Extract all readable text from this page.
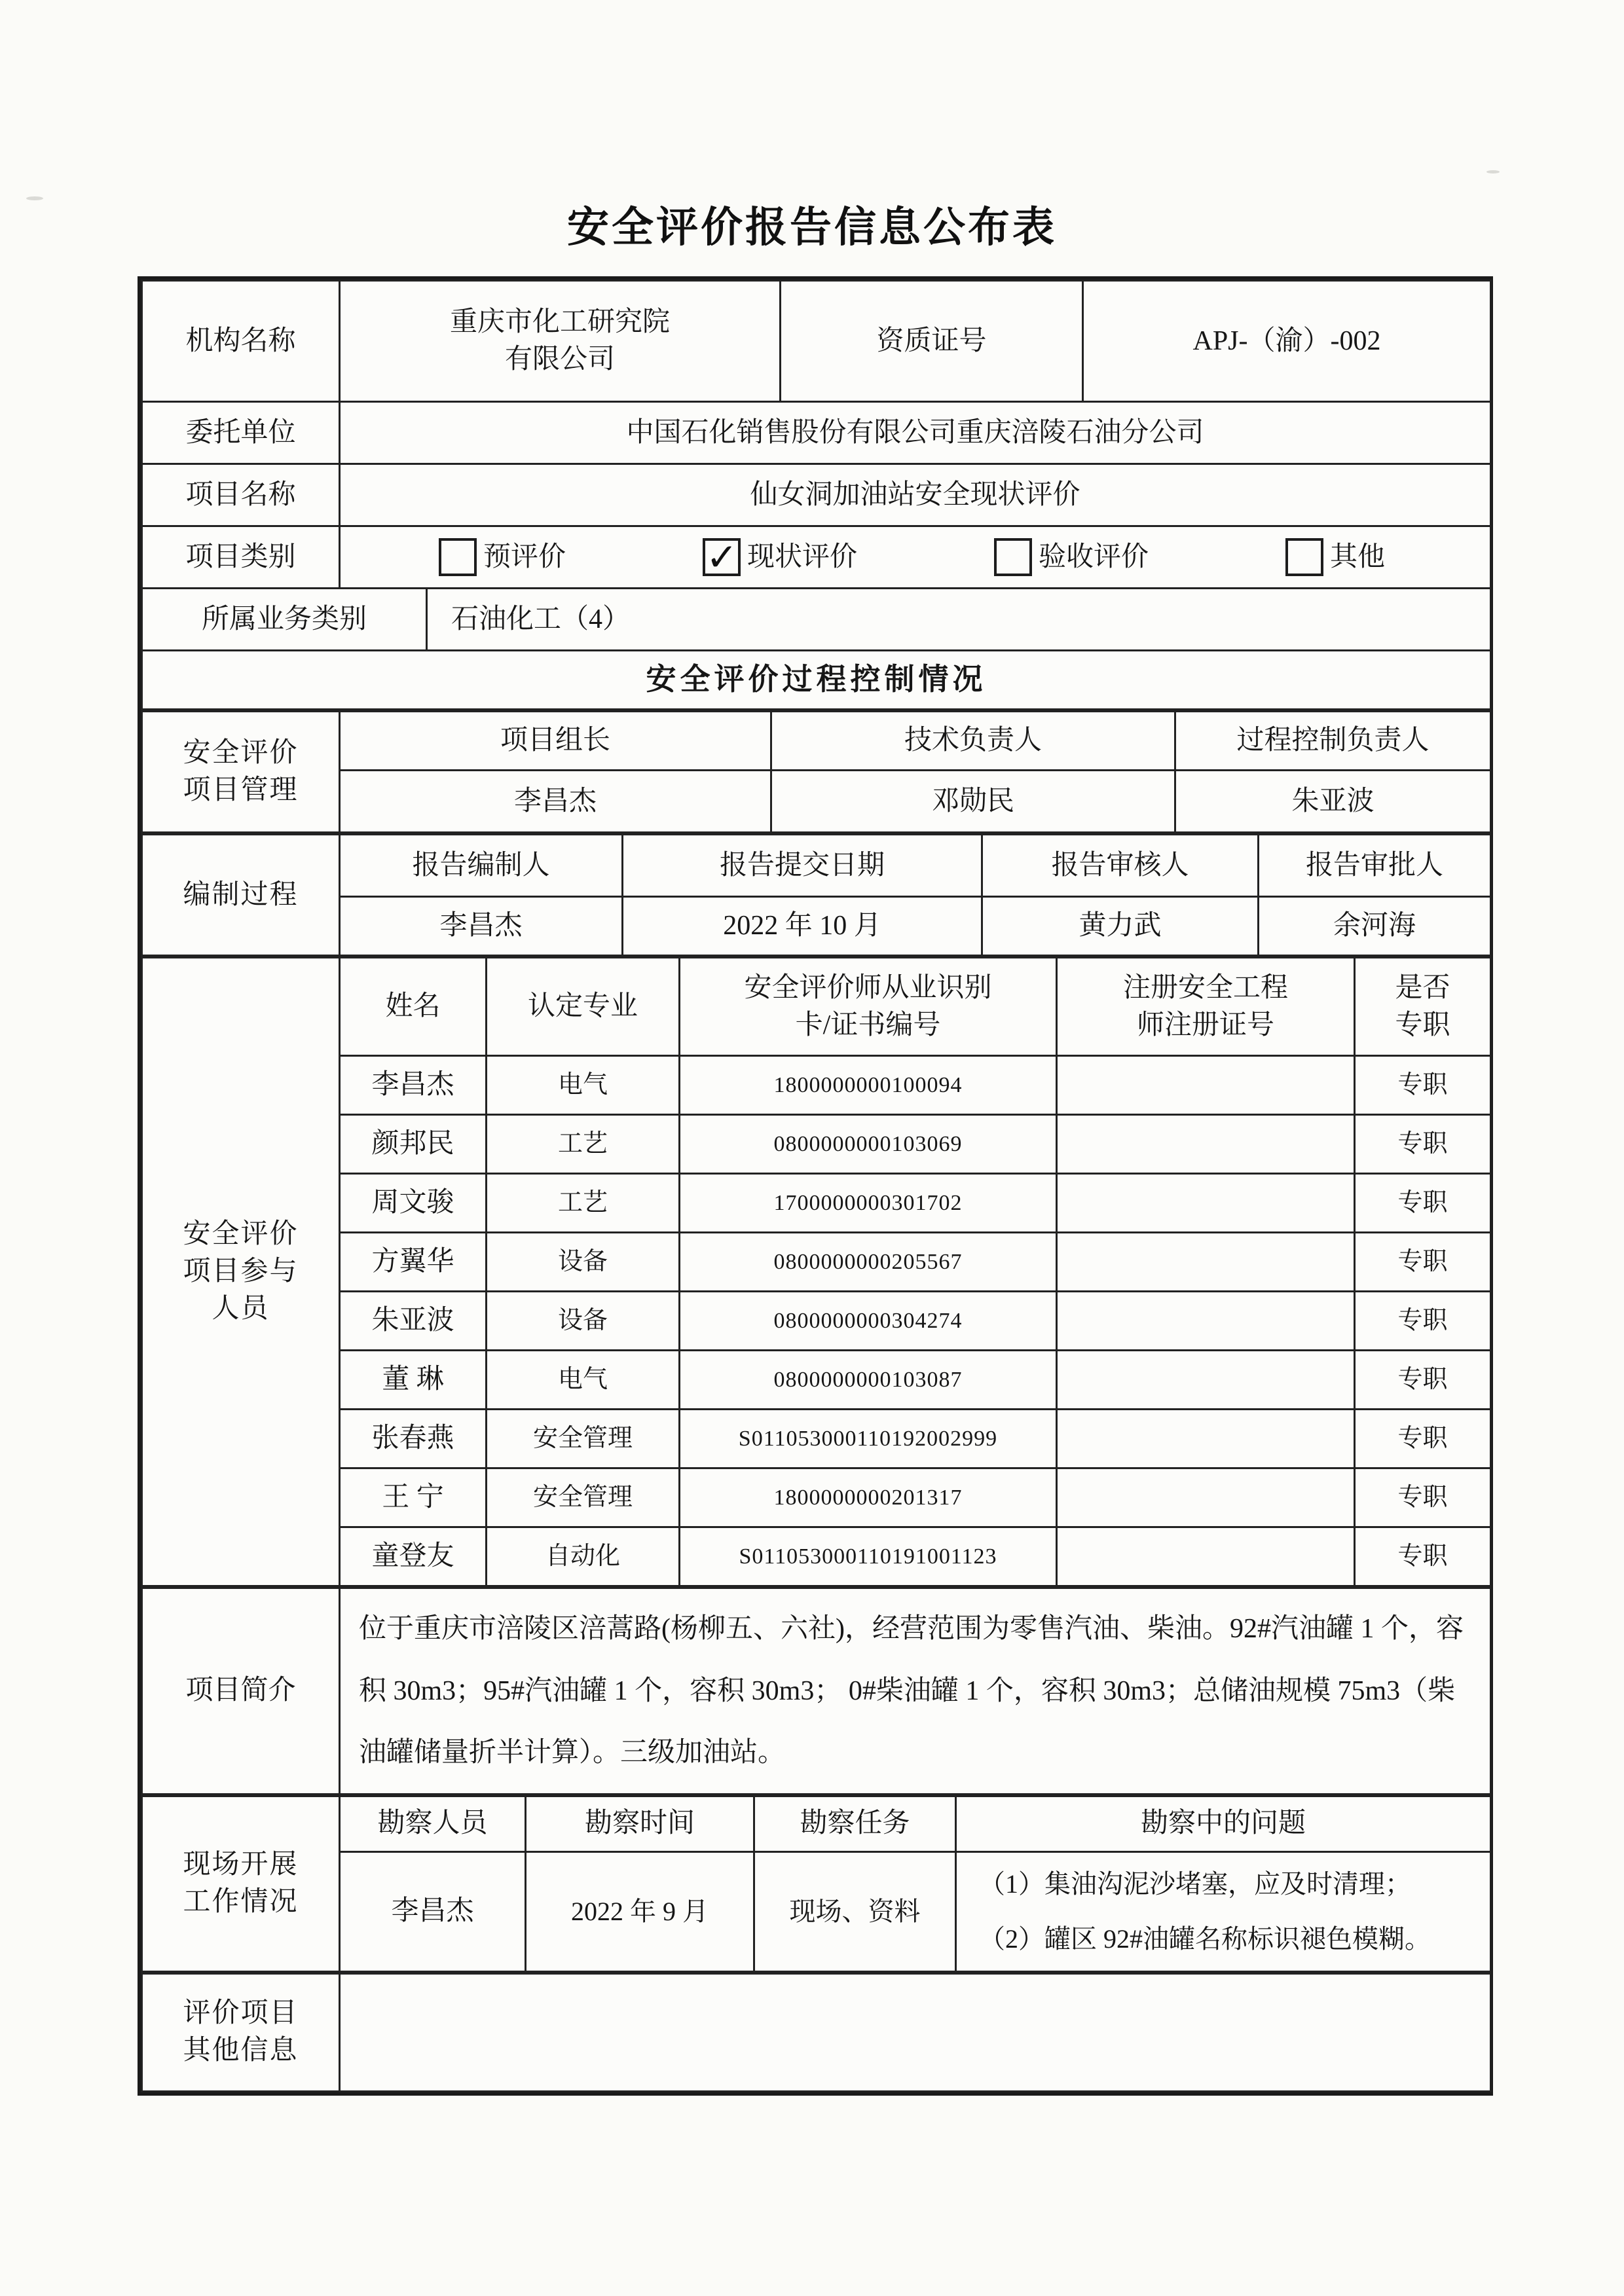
安全评价报告信息公布表
机构名称	重庆市化工研究院有限公司		资质证号	APJ-（渝）-002
委托单位	中国石化销售股份有限公司重庆涪陵石油分公司			
项目名称	仙女洞加油站安全现状评价			
项目类别	预评价 ✓ 现状评价 验收评价 其他			

所属业务类别		石油化工（4）		
安全评价过程控制情况				
安全评价项目管理	项目组长	技术负责人	过程控制负责人
	李昌杰	邓勋民	朱亚波
编制过程	报告编制人	报告提交日期	报告审核人	报告审批人
	李昌杰	2022 年 10 月	黄力武	余河海
安全评价项目参与人员	姓名	认定专业	安全评价师从业识别卡/证书编号	注册安全工程师注册证号	是否专职

	李昌杰	电气	1800000000100094		专职
	颜邦民	工艺	0800000000103069		专职
	周文骏	工艺	1700000000301702		专职
	方翼华	设备	0800000000205567		专职
	朱亚波	设备	0800000000304274		专职
	董 琳	电气	0800000000103087		专职
	张春燕	安全管理	S011053000110192002999		专职
	王 宁	安全管理	1800000000201317		专职
	童登友	自动化	S011053000110191001123		专职
项目简介	位于重庆市涪陵区涪蒿路(杨柳五、六社)，经营范围为零售汽油、柴油。92#汽油罐 1 个，容积 30m3；95#汽油罐 1 个，容积 30m3； 0#柴油罐 1 个，容积 30m3；总储油规模 75m3（柴油罐储量折半计算）。三级加油站。
现场开展工作情况	勘察人员	勘察时间	勘察任务	勘察中的问题
	李昌杰	2022 年 9 月	现场、资料	（1）集油沟泥沙堵塞，应及时清理；
（2）罐区 92#油罐名称标识褪色模糊。
评价项目其他信息
